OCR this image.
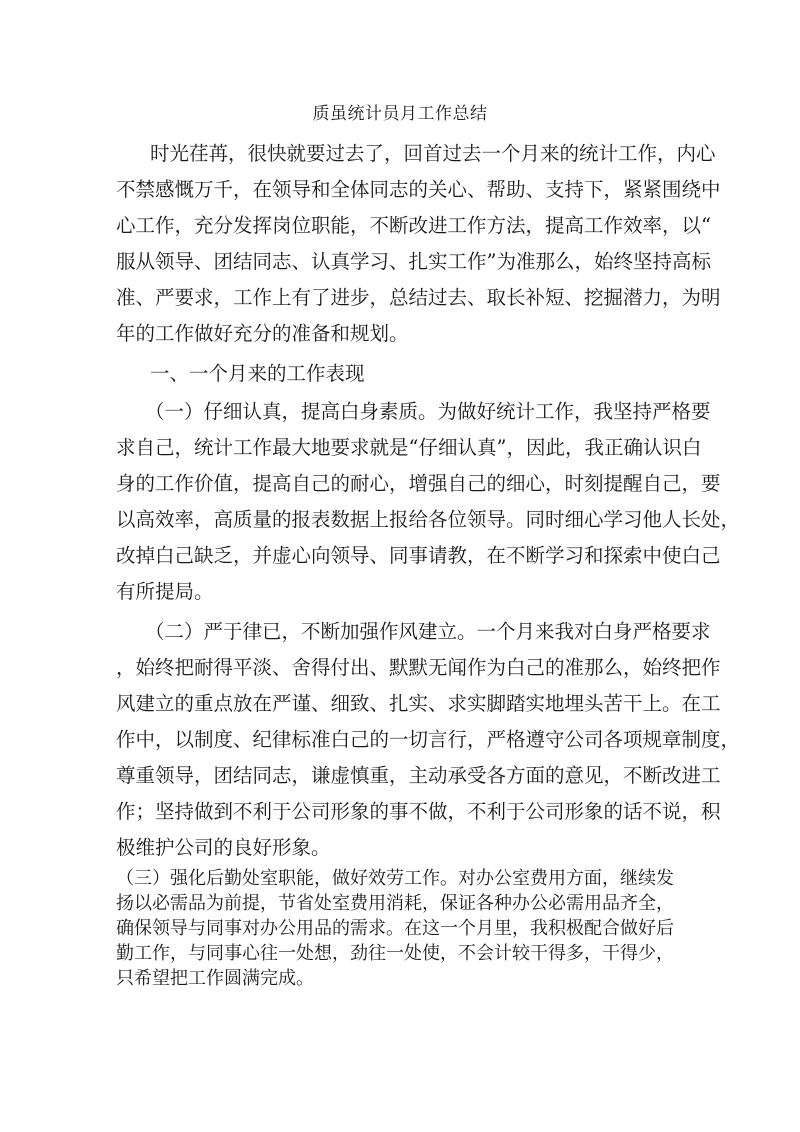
质虽统计员月工作总结
时光荏苒，很快就要过去了，回首过去一个月来的统计工作，内心
不禁感慨万千，在领导和全体同志的关心、帮助、支持下，紧紧围绕中
心工作，充分发挥岗位职能，不断改进工作方法，提高工作效率，以“
服从领导、团结同志、认真学习、扎实工作”为准那么，始终坚持高标
准、严要求，工作上有了进步，总结过去、取长补短、挖掘潜力，为明
年的工作做好充分的准备和规划。
一、一个月来的工作表现
（一）仔细认真，提高白身素质。为做好统计工作，我坚持严格要
求自己，统计工作最大地要求就是“仔细认真”，因此，我正确认识白
身的工作价值，提高自己的耐心，增强自己的细心，时刻提醒自己，要
以高效率，高质量的报表数据上报给各位领导。同时细心学习他人长处，
改掉白己缺乏，并虚心向领导、同事请教，在不断学习和探索中使白己
有所提局。
（二）严于律已，不断加强作风建立。一个月来我对白身严格要求
，始终把耐得平淡、舍得付出、默默无闻作为白己的准那么，始终把作
风建立的重点放在严谨、细致、扎实、求实脚踏实地埋头苦干上。在工
作中，以制度、纪律标准白己的一切言行，严格遵守公司各项规章制度，
尊重领导，团结同志，谦虚慎重，主动承受各方面的意见，不断改进工
作；坚持做到不利于公司形象的事不做，不利于公司形象的话不说，积
极维护公司的良好形象。
（三）强化后勤处室职能，做好效劳工作。对办公室费用方面，继续发
扬以必需品为前提，节省处室费用消耗，保证各种办公必需用品齐全，
确保领导与同事对办公用品的需求。在这一个月里，我积极配合做好后
勤工作，与同事心往一处想，劲往一处使，不会计较干得多，干得少，
只希望把工作圆满完成。
